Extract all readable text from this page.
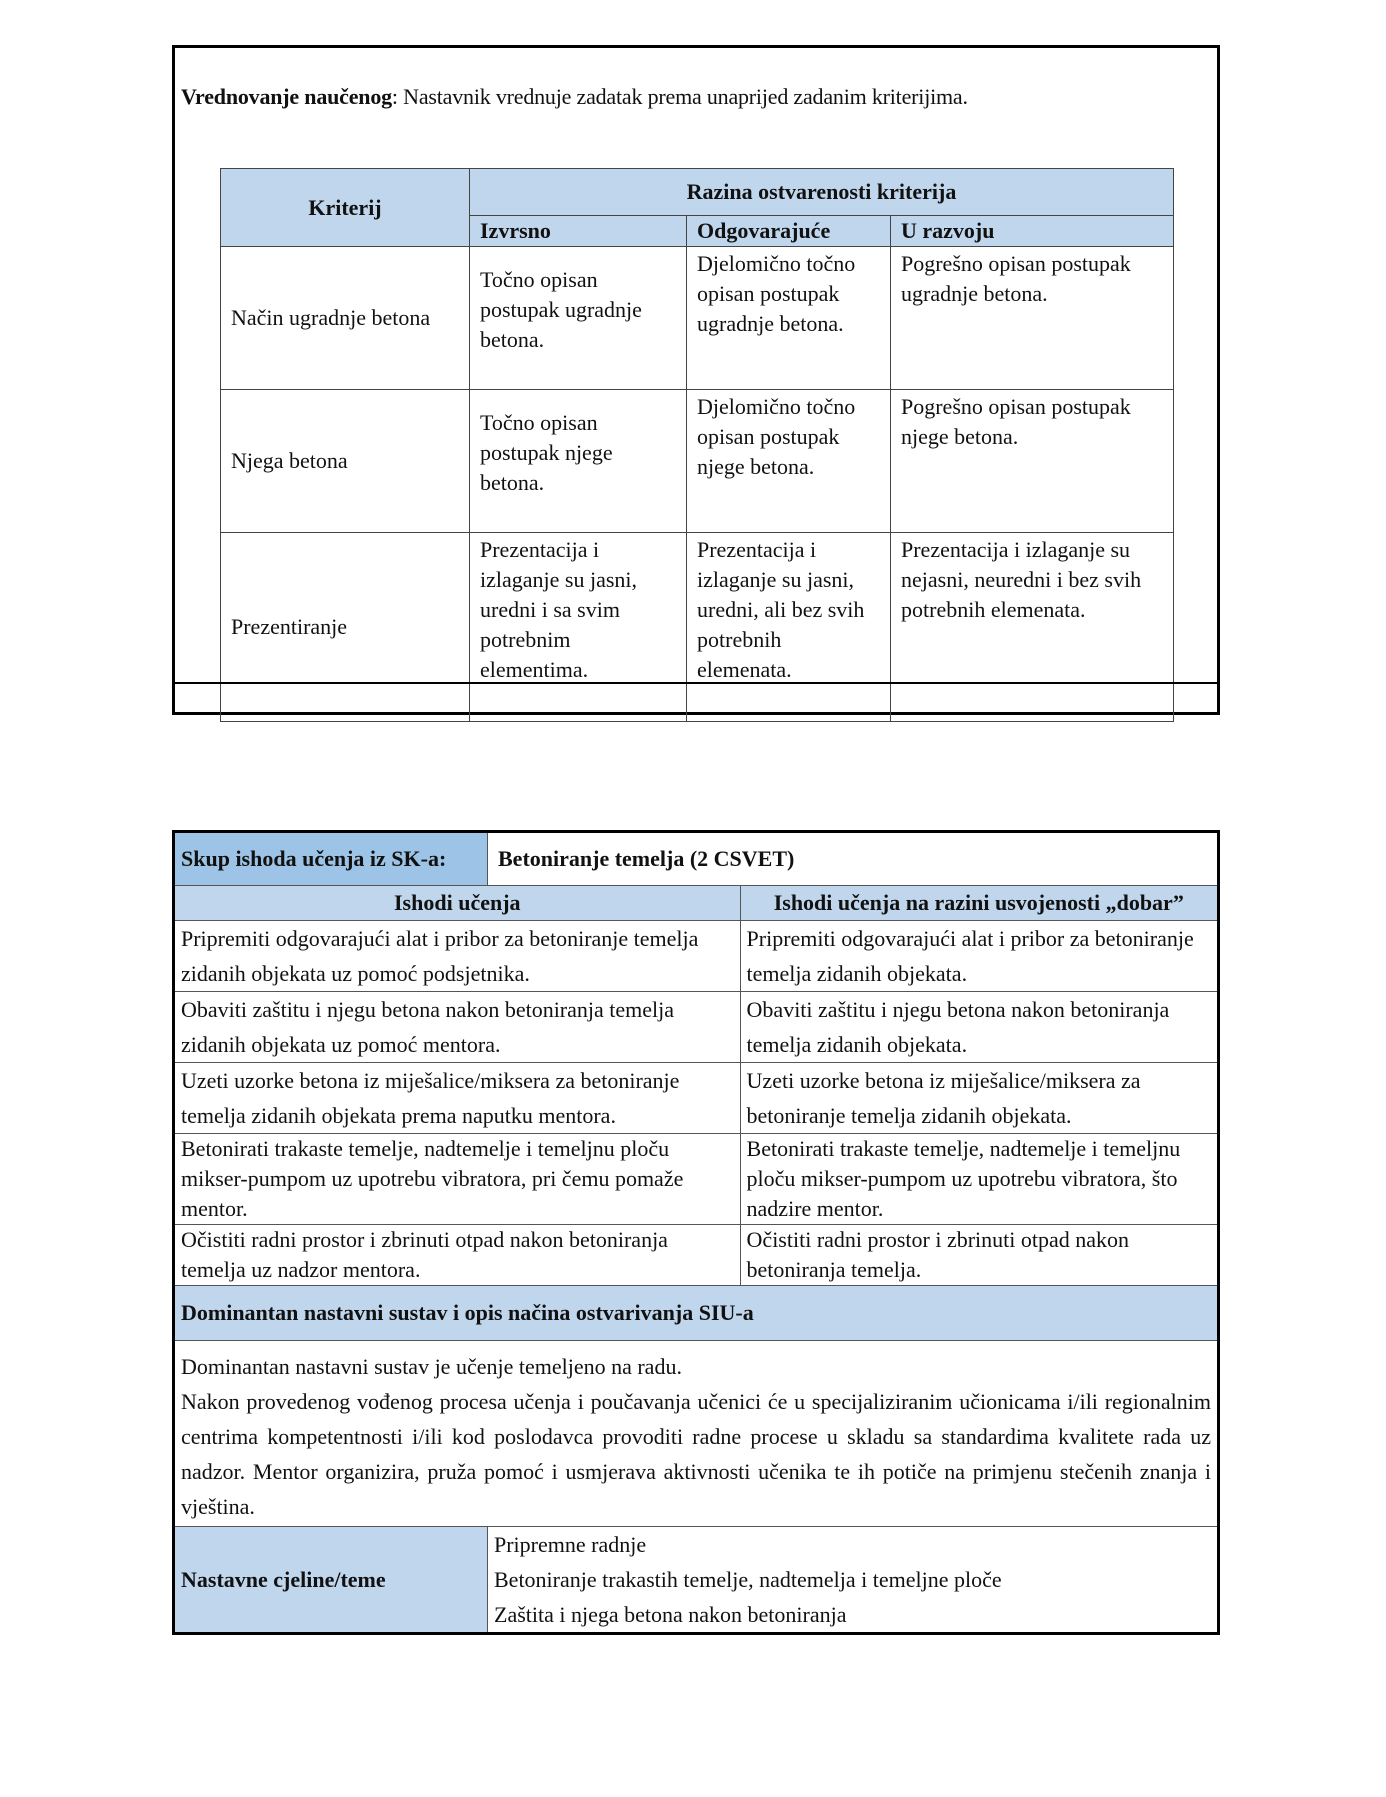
Vrednovanje naučenog: Nastavnik vrednuje zadatak prema unaprijed zadanim kriterijima.
Kriterij	Razina ostvarenosti kriterija		
	Izvrsno	Odgovarajuće	U razvoju
Način ugradnje betona	Točno opisan postupak ugradnje betona.	Djelomično točno opisan postupak ugradnje betona.	Pogrešno opisan postupak ugradnje betona.
Njega betona	Točno opisan postupak njege betona.	Djelomično točno opisan postupak njege betona.	Pogrešno opisan postupak njege betona.
Prezentiranje	Prezentacija i izlaganje su jasni, uredni i sa svim potrebnim elementima.	Prezentacija i izlaganje su jasni, uredni, ali bez svih potrebnih elemenata.	Prezentacija i izlaganje su nejasni, neuredni i bez svih potrebnih elemenata.
Skup ishoda učenja iz SK-a:	Betoniranje temelja (2 CSVET)	
Ishodi učenja		Ishodi učenja na razini usvojenosti „dobar”
Pripremiti odgovarajući alat i pribor za betoniranje temelja zidanih objekata uz pomoć podsjetnika.		Pripremiti odgovarajući alat i pribor za betoniranje temelja zidanih objekata.
Obaviti zaštitu i njegu betona nakon betoniranja temelja zidanih objekata uz pomoć mentora.		Obaviti zaštitu i njegu betona nakon betoniranja temelja zidanih objekata.
Uzeti uzorke betona iz miješalice/miksera za betoniranje temelja zidanih objekata prema naputku mentora.		Uzeti uzorke betona iz miješalice/miksera za betoniranje temelja zidanih objekata.
Betonirati trakaste temelje, nadtemelje i temeljnu ploču mikser-pumpom uz upotrebu vibratora, pri čemu pomaže mentor.		Betonirati trakaste temelje, nadtemelje i temeljnu ploču mikser-pumpom uz upotrebu vibratora, što nadzire mentor.
Očistiti radni prostor i zbrinuti otpad nakon betoniranja temelja uz nadzor mentora.		Očistiti radni prostor i zbrinuti otpad nakon betoniranja temelja.
Dominantan nastavni sustav i opis načina ostvarivanja SIU-a		

Dominantan nastavni sustav je učenje temeljeno na radu.

Nakon provedenog vođenog procesa učenja i poučavanja učenici će u specijaliziranim učionicama i/ili regionalnim centrima kompetentnosti i/ili kod poslodavca provoditi radne procese u skladu sa standardima kvalitete rada uz nadzor. Mentor organizira, pruža pomoć i usmjerava aktivnosti učenika te ih potiče na primjenu stečenih znanja i vještina.		

Nastavne cjeline/teme	Pripremne radnje
Betoniranje trakastih temelje, nadtemelja i temeljne ploče
Zaštita i njega betona nakon betoniranja	
